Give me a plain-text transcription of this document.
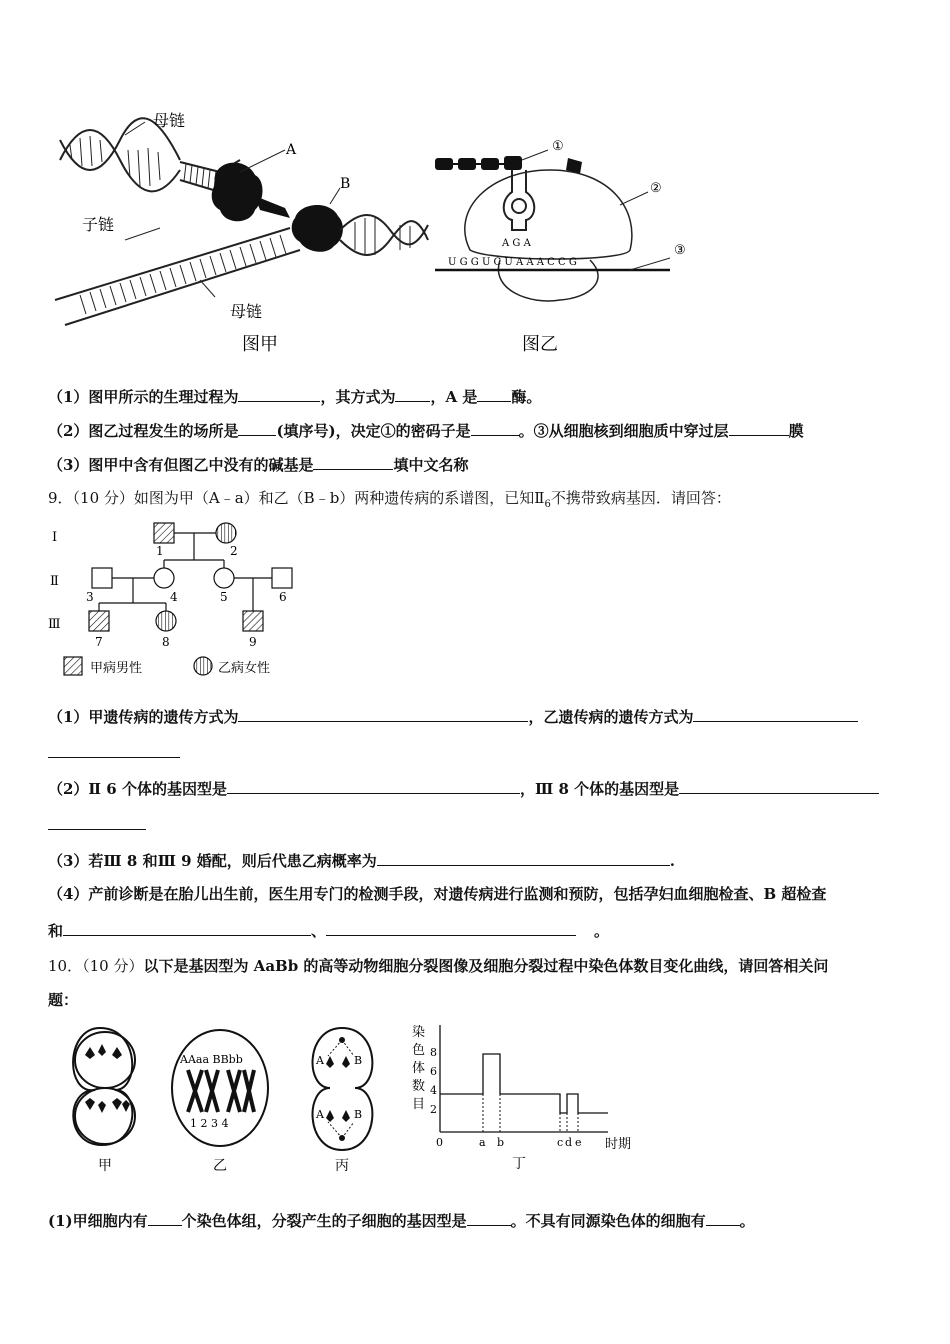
母链
子链
母链
A
B
图甲
①
②
③
A G A
U G G U C U A A A C C G
图乙
（1）图甲所示的生理过程为	，其方式为 ，A 是 酶。
（2）图乙过程发生的场所是	(填序号)，决定①的密码子是	。③从细胞核到细胞质中穿过层	膜
（3）图甲中含有但图乙中没有的碱基是	填中文名称
9．（10 分）如图为甲（A﹣a）和乙（B﹣b）两种遗传病的系谱图，已知$Ⅱ_6$不携带致病基因．请回答：
Ⅰ
Ⅱ
Ⅲ
1	2
3	4	5	6
7	8	9
甲病男性	乙病女性
（1）甲遗传病的遗传方式为	，乙遗传病的遗传方式为
（2）Ⅱ 6 个体的基因型是	，Ⅲ 8 个体的基因型是
（3）若Ⅲ 8 和Ⅲ 9 婚配，则后代患乙病概率为	.
（4）产前诊断是在胎儿出生前，医生用专门的检测手段，对遗传病进行监测和预防，包括孕妇血细胞检查、B 超检查
和	、	。
10．（10 分）以下是基因型为 AaBb 的高等动物细胞分裂图像及细胞分裂过程中染色体数目变化曲线，请回答相关问
题：
AAaa BBbb
1 2 3 4
A	B
A	B
染
色
体
数
目
8
6
4
2
0	a b	c d e 时期
甲	乙	丙	丁
(1)甲细胞内有 个染色体组，分裂产生的子细胞的基因型是	。不具有同源染色体的细胞有 。
